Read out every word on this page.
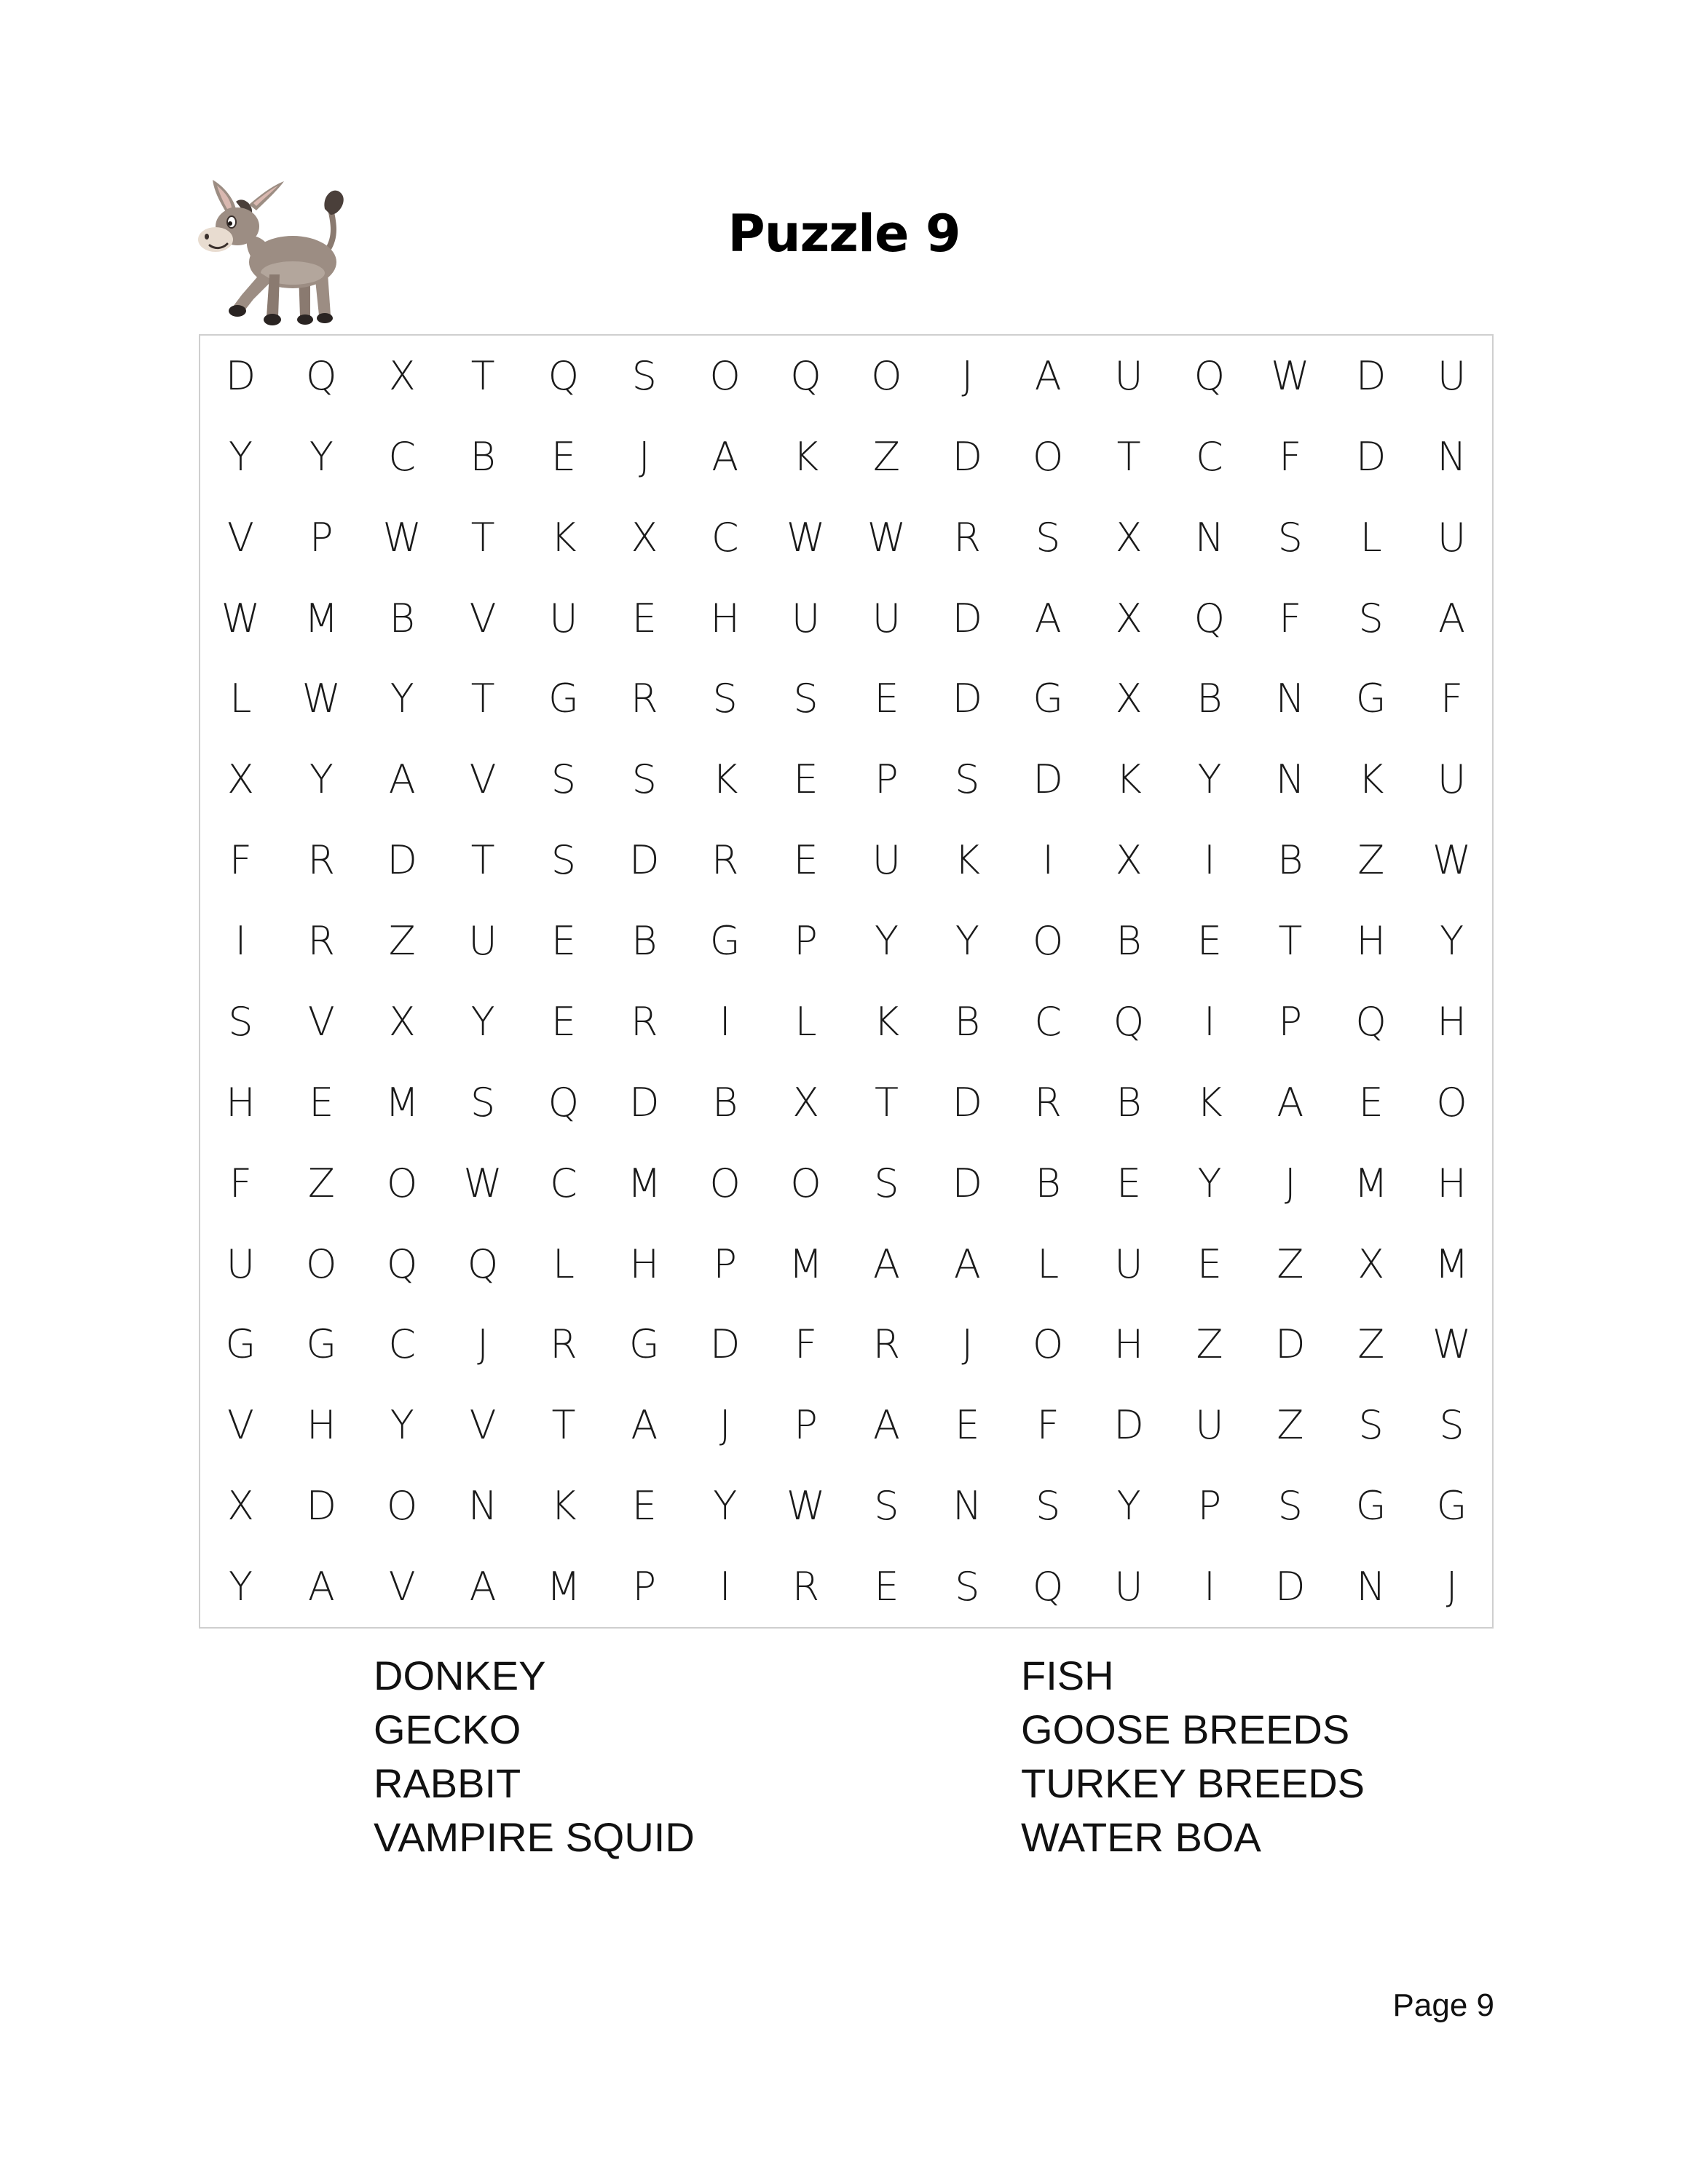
Puzzle 9
D	Q	X	T	Q	S	O	Q	O	J	A	U	Q	W	D	U
Y	Y	C	B	E	J	A	K	Z	D	O	T	C	F	D	N
V	P	W	T	K	X	C	W	W	R	S	X	N	S	L	U
W	M	B	V	U	E	H	U	U	D	A	X	Q	F	S	A
L	W	Y	T	G	R	S	S	E	D	G	X	B	N	G	F
X	Y	A	V	S	S	K	E	P	S	D	K	Y	N	K	U
F	R	D	T	S	D	R	E	U	K	I	X	I	B	Z	W
I	R	Z	U	E	B	G	P	Y	Y	O	B	E	T	H	Y
S	V	X	Y	E	R	I	L	K	B	C	Q	I	P	Q	H
H	E	M	S	Q	D	B	X	T	D	R	B	K	A	E	O
F	Z	O	W	C	M	O	O	S	D	B	E	Y	J	M	H
U	O	Q	Q	L	H	P	M	A	A	L	U	E	Z	X	M
G	G	C	J	R	G	D	F	R	J	O	H	Z	D	Z	W
V	H	Y	V	T	A	J	P	A	E	F	D	U	Z	S	S
X	D	O	N	K	E	Y	W	S	N	S	Y	P	S	G	G
Y	A	V	A	M	P	I	R	E	S	Q	U	I	D	N	J
DONKEY
GECKO
RABBIT
VAMPIRE SQUID
FISH
GOOSE BREEDS
TURKEY BREEDS
WATER BOA
Page 9
